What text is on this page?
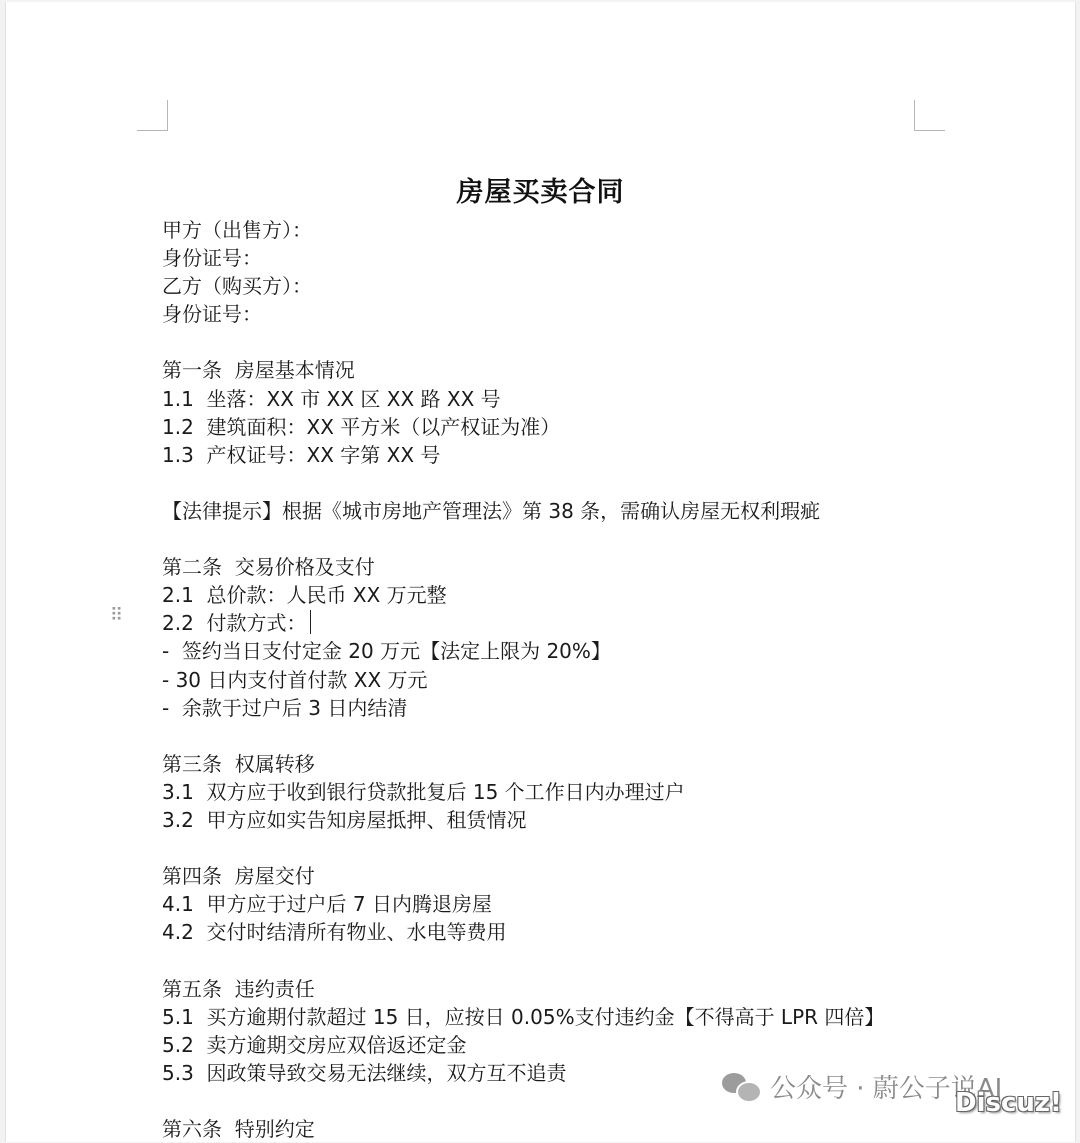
房屋买卖合同
⠿
甲方（出售方）：
身份证号：
乙方（购买方）：
身份证号：
第一条  房屋基本情况
1.1  坐落：XX 市 XX 区 XX 路 XX 号
1.2  建筑面积：XX 平方米（以产权证为准）
1.3  产权证号：XX 字第 XX 号
【法律提示】根据《城市房地产管理法》第 38 条，需确认房屋无权利瑕疵
第二条  交易价格及支付
2.1  总价款：人民币 XX 万元整
2.2  付款方式：
-  签约当日支付定金 20 万元【法定上限为 20%】
- 30 日内支付首付款 XX 万元
-  余款于过户后 3 日内结清
第三条  权属转移
3.1  双方应于收到银行贷款批复后 15 个工作日内办理过户
3.2  甲方应如实告知房屋抵押、租赁情况
第四条  房屋交付
4.1  甲方应于过户后 7 日内腾退房屋
4.2  交付时结清所有物业、水电等费用
第五条  违约责任
5.1  买方逾期付款超过 15 日，应按日 0.05%支付违约金【不得高于 LPR 四倍】
5.2  卖方逾期交房应双倍返还定金
5.3  因政策导致交易无法继续，双方互不追责
第六条  特别约定
公众号 · 蔚公子说AI
Discuz!
